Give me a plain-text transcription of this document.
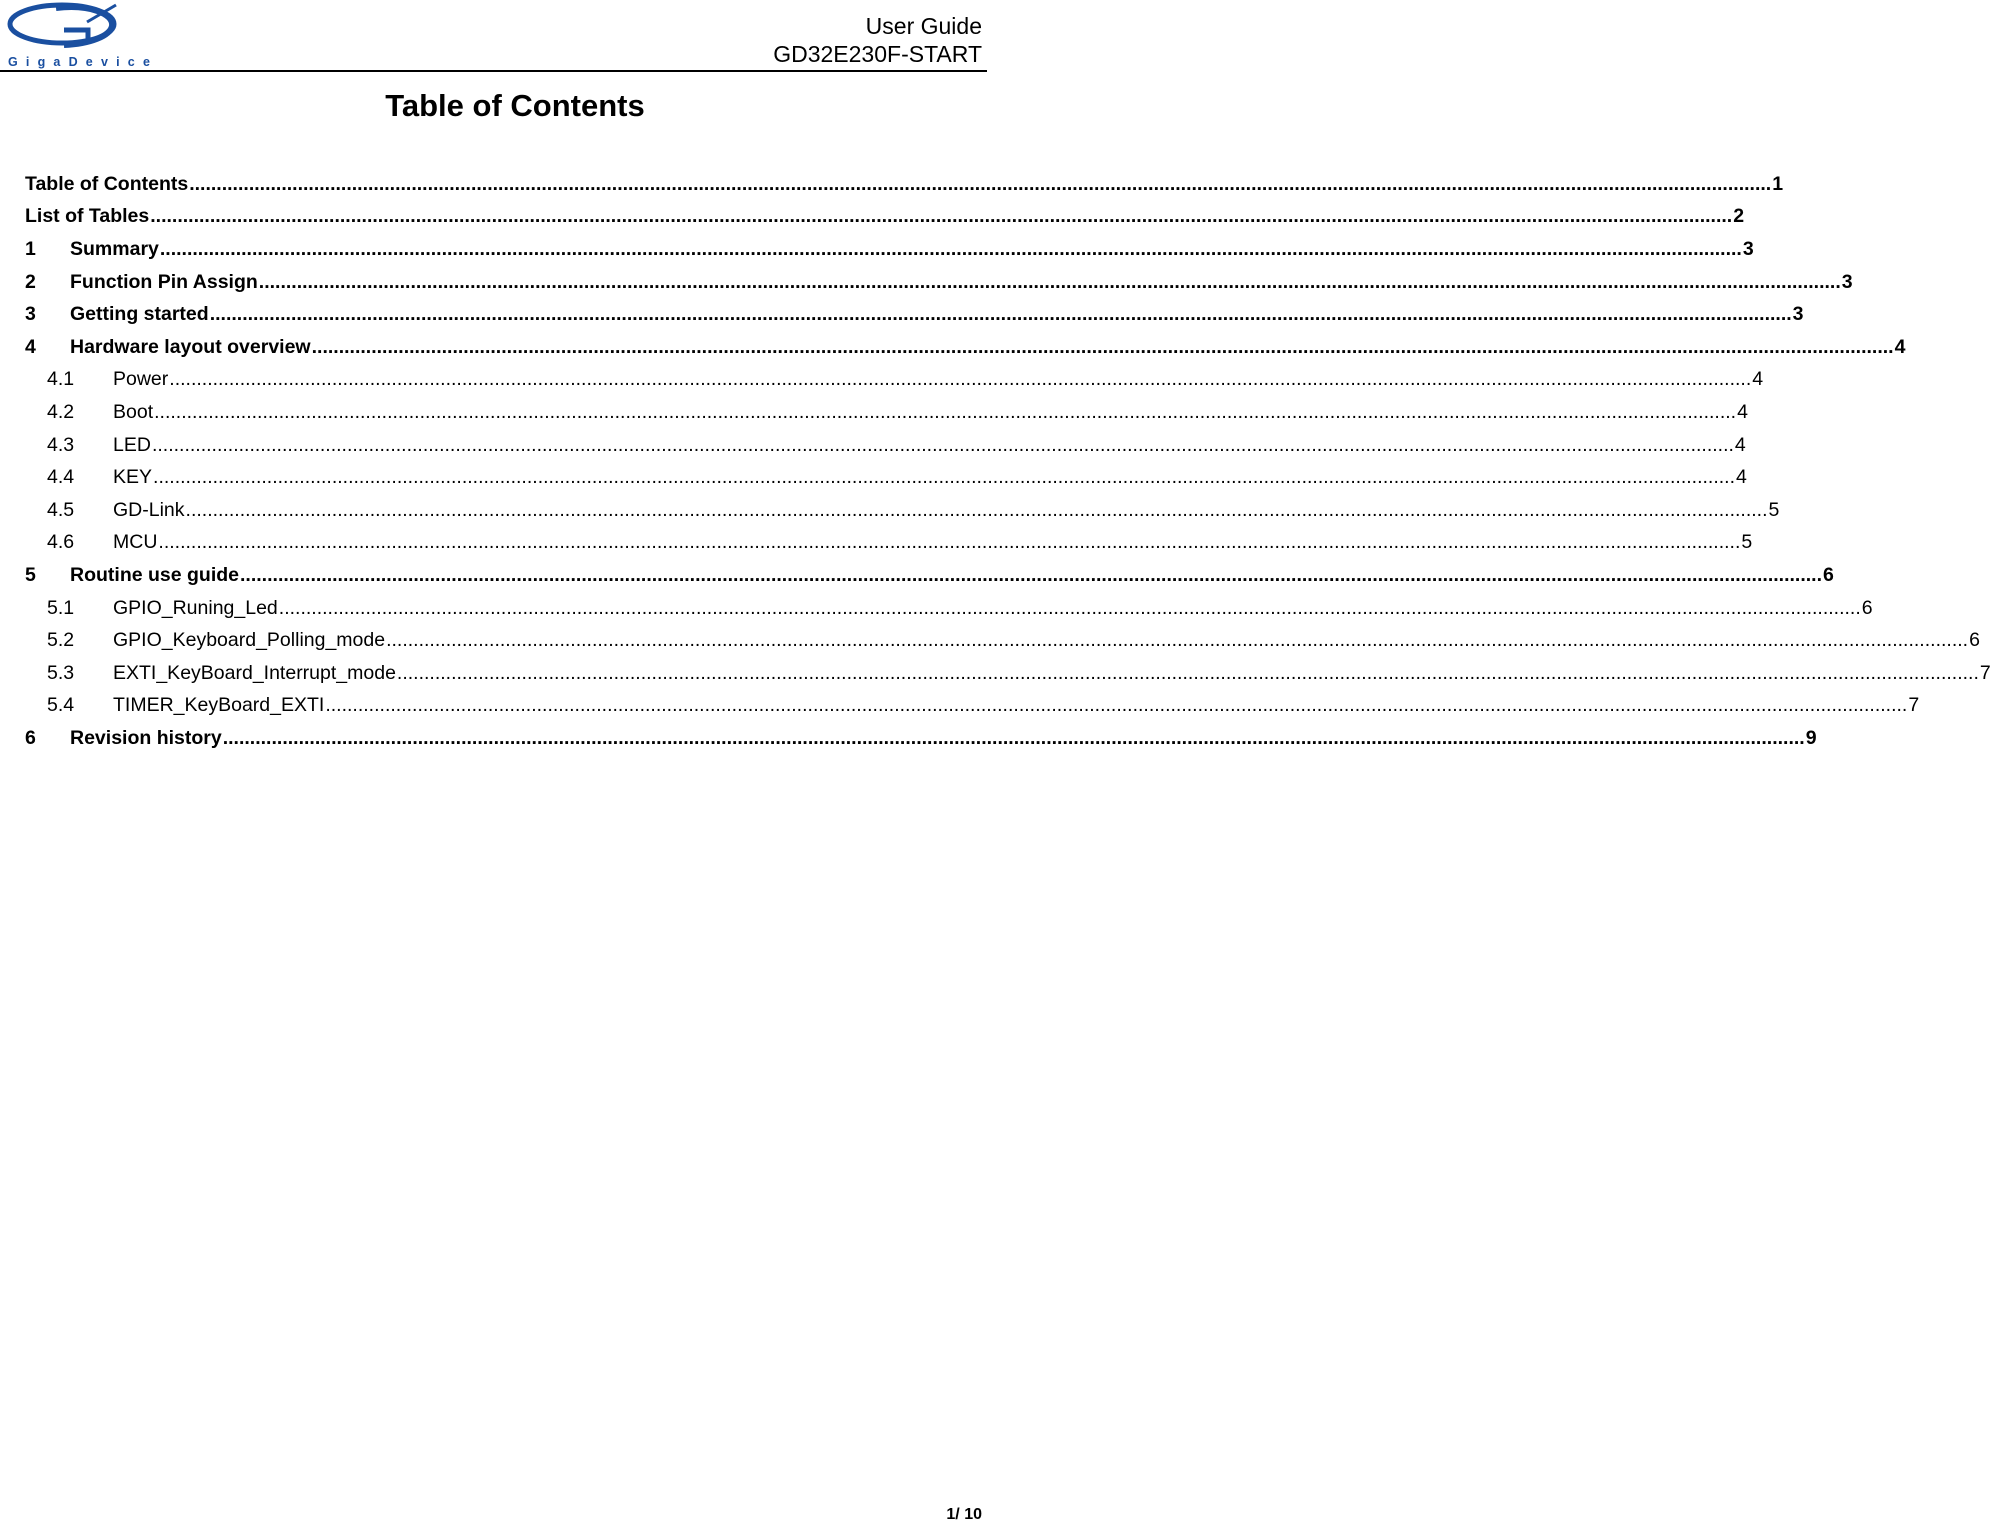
GigaDevice
User Guide
GD32E230F-START
Table of Contents
Table of Contents .....	1
List of Tables .....	2
1	Summary .....	3
2	Function Pin Assign .....	3
3	Getting started .....	3
4	Hardware layout overview .....	4
4.1	Power .....	4
4.2	Boot .....	4
4.3	LED .....	4
4.4	KEY .....	4
4.5	GD-Link .....	5
4.6	MCU .....	5
5	Routine use guide .....	6
5.1	GPIO_Runing_Led .....	6
5.2	GPIO_Keyboard_Polling_mode .....	6
5.3	EXTI_KeyBoard_Interrupt_mode .....	7
5.4	TIMER_KeyBoard_EXTI .....	7
6	Revision history .....	9
1/ 10
